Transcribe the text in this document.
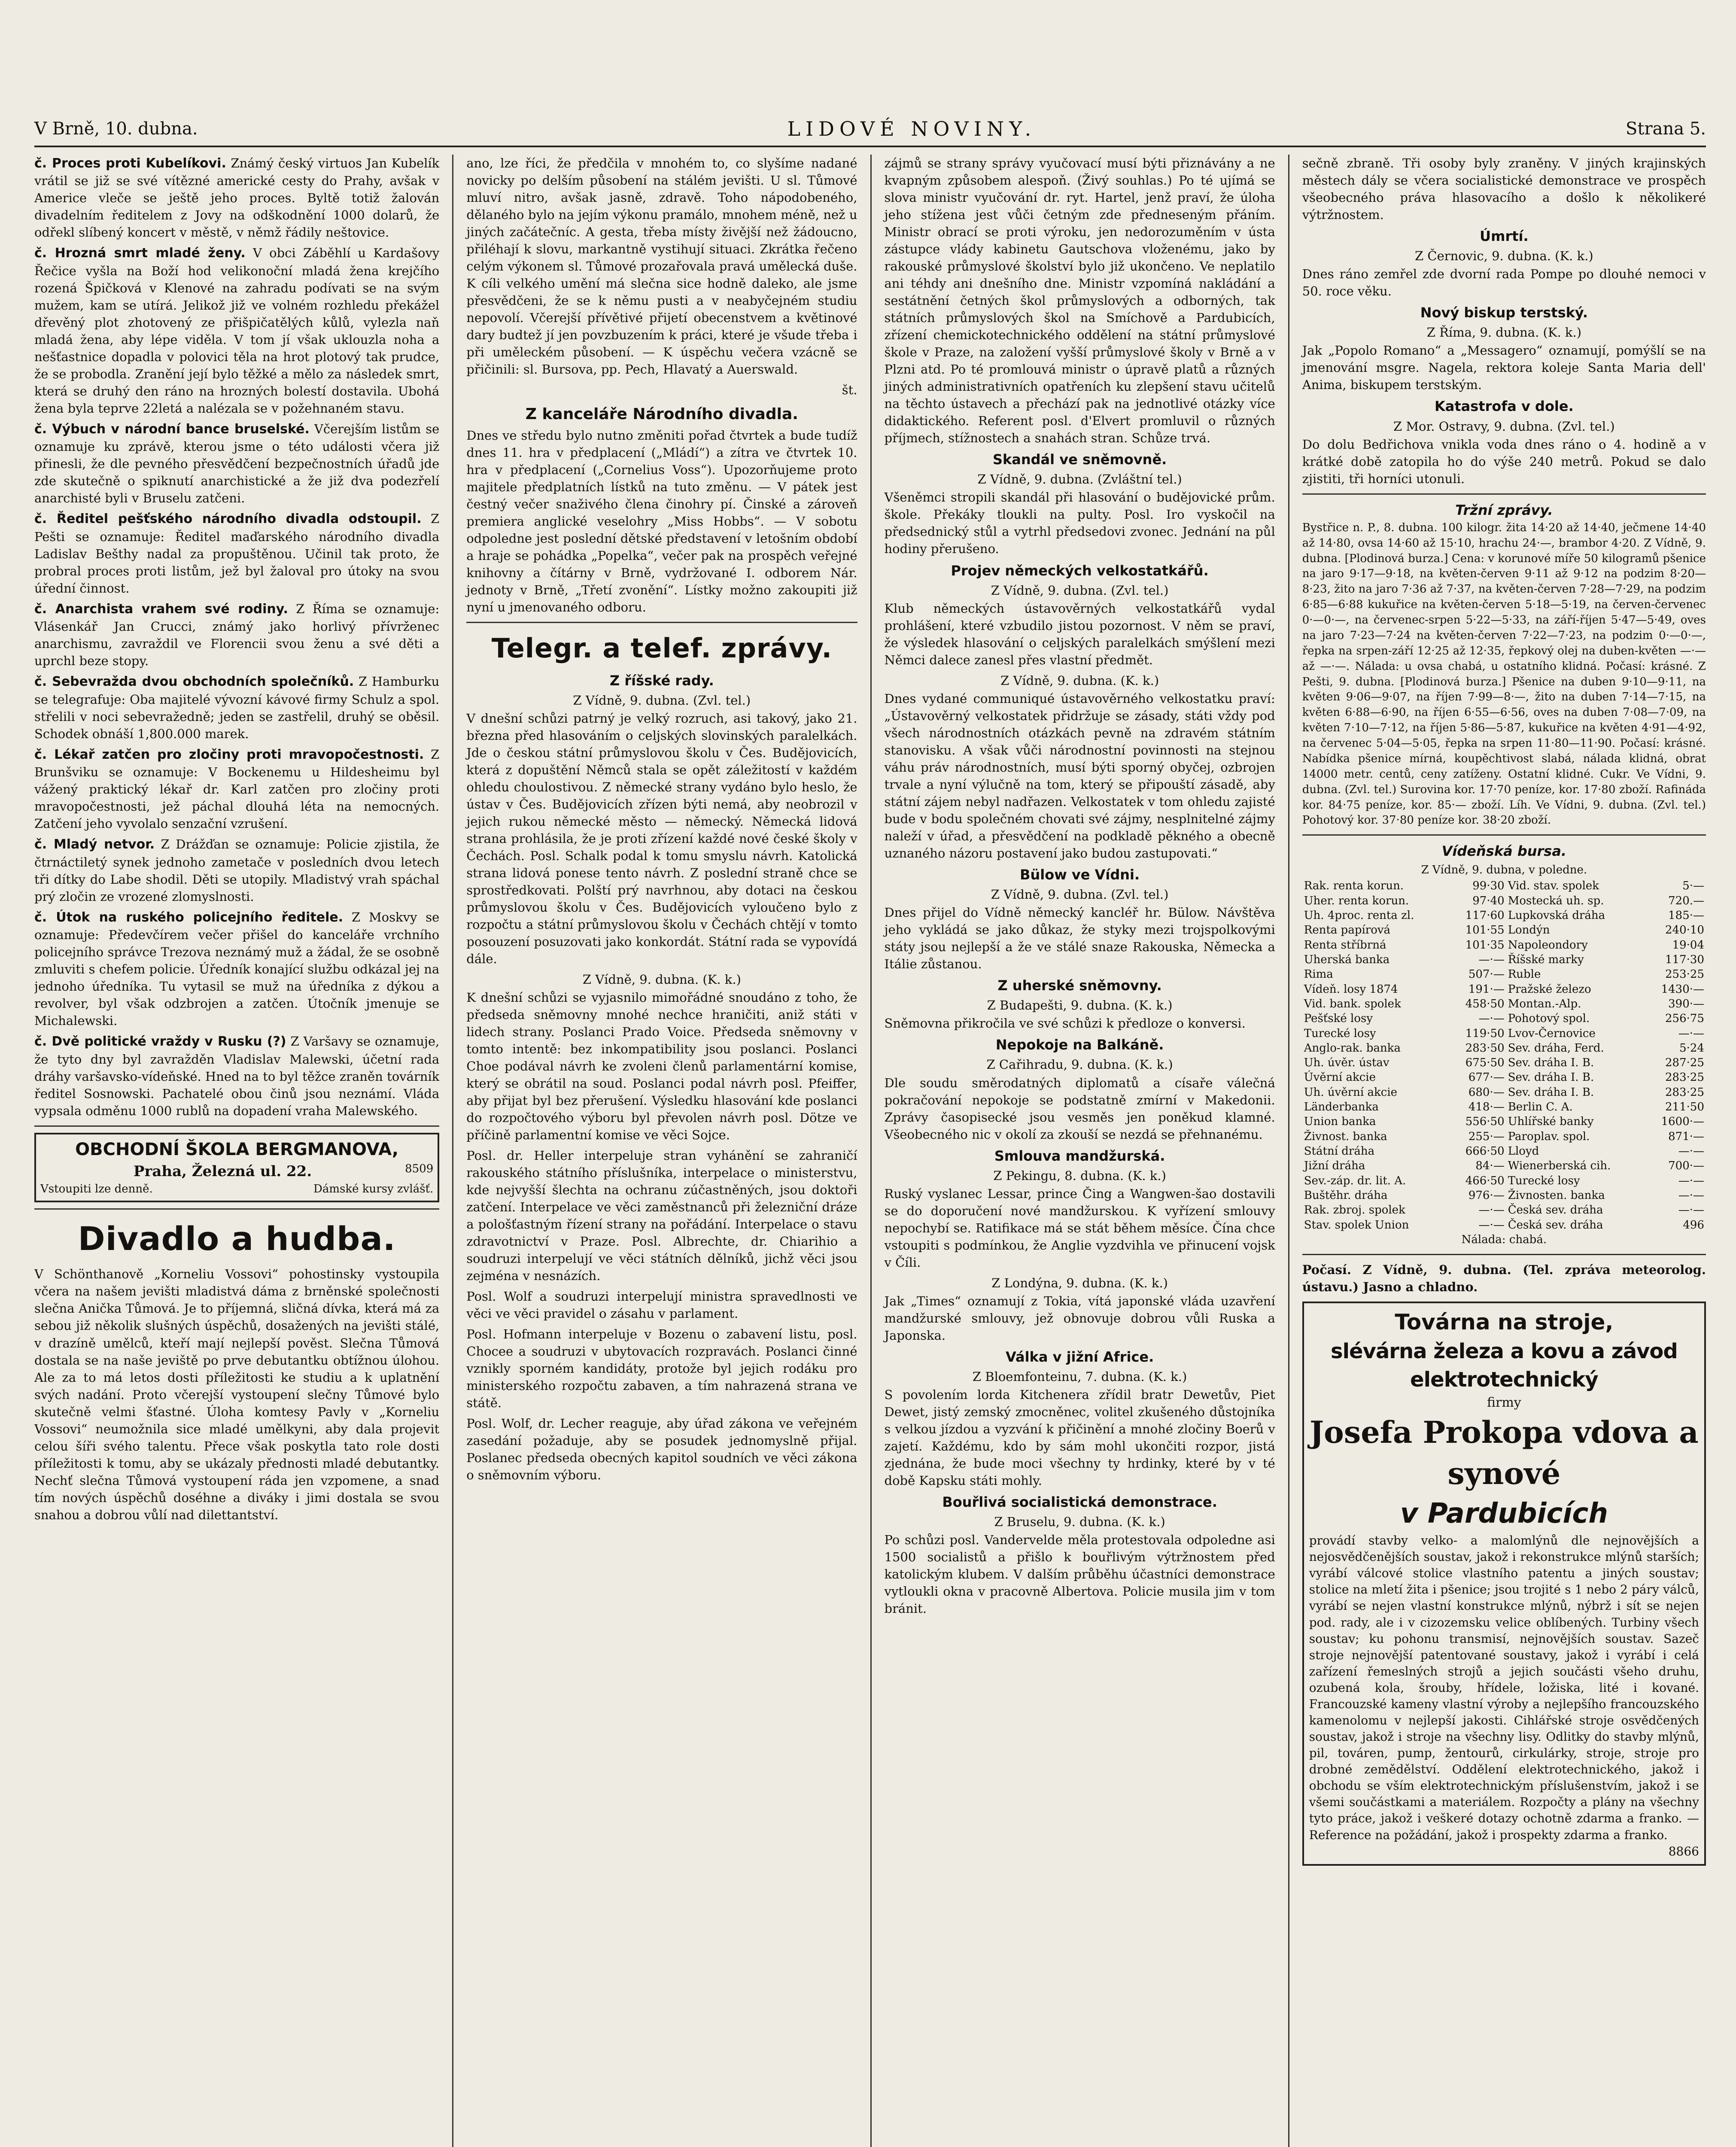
V Brně, 10. dubna.	LIDOVÉ NOVINY.	Strana 5.
č. Proces proti Kubelíkovi. Známý český virtuos Jan Kubelík vrátil se již se své vítězné americké cesty do Prahy, avšak v Americe vleče se ještě jeho proces. Byltě totiž žalován divadelním ředitelem z Jovy na odškodnění 1000 dolarů, že odřekl slíbený koncert v městě, v němž řádily neštovice.
č. Hrozná smrt mladé ženy. V obci Záběhlí u Kardašovy Řečice vyšla na Boží hod velikonoční mladá žena krejčího rozená Špičková v Klenové na zahradu podívati se na svým mužem, kam se utírá. Jelikož již ve volném rozhledu překážel dřevěný plot zhotovený ze přišpičatělých kůlů, vylezla naň mladá žena, aby lépe viděla. V tom jí však uklouzla noha a nešťastnice dopadla v polovici těla na hrot plotový tak prudce, že se probodla. Zranění její bylo těžké a mělo za následek smrt, která se druhý den ráno na hrozných bolestí dostavila. Ubohá žena byla teprve 22letá a nalézala se v požehnaném stavu.
č. Výbuch v národní bance bruselské. Včerejším listům se oznamuje ku zprávě, kterou jsme o této události včera již přinesli, že dle pevného přesvědčení bezpečnostních úřadů jde zde skutečně o spiknutí anarchistické a že již dva podezřelí anarchisté byli v Bruselu zatčeni.
č. Ředitel pešťského národního divadla odstoupil. Z Pešti se oznamuje: Ředitel maďarského národního divadla Ladislav Bešthy nadal za propuštěnou. Učinil tak proto, že probral proces proti listům, jež byl žaloval pro útoky na svou úřední činnost.
č. Anarchista vrahem své rodiny. Z Říma se oznamuje: Vlásenkář Jan Crucci, známý jako horlivý přívrženec anarchismu, zavraždil ve Florencii svou ženu a své děti a uprchl beze stopy.
č. Sebevražda dvou obchodních společníků. Z Hamburku se telegrafuje: Oba majitelé vývozní kávové firmy Schulz a spol. střelili v noci sebevražedně; jeden se zastřelil, druhý se oběsil. Schodek obnáší 1,800.000 marek.
č. Lékař zatčen pro zločiny proti mravopočestnosti. Z Brunšviku se oznamuje: V Bockenemu u Hildesheimu byl vážený praktický lékař dr. Karl zatčen pro zločiny proti mravopočestnosti, jež páchal dlouhá léta na nemocných. Zatčení jeho vyvolalo senzační vzrušení.
č. Mladý netvor. Z Drážďan se oznamuje: Policie zjistila, že čtrnáctiletý synek jednoho zametače v posledních dvou letech tři dítky do Labe shodil. Děti se utopily. Mladistvý vrah spáchal prý zločin ze vrozené zlomyslnosti.
č. Útok na ruského policejního ředitele. Z Moskvy se oznamuje: Předevčírem večer přišel do kanceláře vrchního policejního správce Trezova neznámý muž a žádal, že se osobně zmluviti s chefem policie. Úředník konající službu odkázal jej na jednoho úředníka. Tu vytasil se muž na úředníka z dýkou a revolver, byl však odzbrojen a zatčen. Útočník jmenuje se Michalewski.
č. Dvě politické vraždy v Rusku (?) Z Varšavy se oznamuje, že tyto dny byl zavražděn Vladislav Malewski, účetní rada dráhy varšavsko-vídeňské. Hned na to byl těžce zraněn továrník ředitel Sosnowski. Pachatelé obou činů jsou neznámí. Vláda vypsala odměnu 1000 rublů na dopadení vraha Malewského.
OBCHODNÍ ŠKOLA BERGMANOVA,
Praha, Železná ul. 22.	8509
Vstoupiti lze denně.	Dámské kursy zvlášť.
Divadlo a hudba.
V Schönthanově „Korneliu Vossovi“ pohostinsky vystoupila včera na našem jevišti mladistvá dáma z brněnské společnosti slečna Anička Tůmová. Je to příjemná, sličná dívka, která má za sebou již několik slušných úspěchů, dosažených na jevišti stálé, v drazíně umělců, kteří mají nejlepší pověst. Slečna Tůmová dostala se na naše jeviště po prve debutantku obtížnou úlohou. Ale za to má letos dosti příležitosti ke studiu a k uplatnění svých nadání. Proto včerejší vystoupení slečny Tůmové bylo skutečně velmi šťastné. Úloha komtesy Pavly v „Korneliu Vossovi“ neumožnila sice mladé umělkyni, aby dala projevit celou šíři svého talentu. Přece však poskytla tato role dosti příležitosti k tomu, aby se ukázaly přednosti mladé debutantky. Nechť slečna Tůmová vystoupení ráda jen vzpomene, a snad tím nových úspěchů doséhne a diváky i jimi dostala se svou snahou a dobrou vůlí nad dilettantství.
ano, lze říci, že předčila v mnohém to, co slyšíme nadané novicky po delším působení na stálém jevišti. U sl. Tůmové mluví nitro, avšak jasně, zdravě. Toho nápodobeného, dělaného bylo na jejím výkonu pramálo, mnohem méně, než u jiných začátečníc. A gesta, třeba místy živější než žádoucno, přiléhají k slovu, markantně vystihují situaci. Zkrátka řečeno celým výkonem sl. Tůmové prozařovala pravá umělecká duše. K cíli velkého umění má slečna sice hodně daleko, ale jsme přesvědčeni, že se k němu pusti a v neabyčejném studiu nepovolí. Včerejší přívětivé přijetí obecenstvem a květinové dary budtež jí jen povzbuzením k práci, které je všude třeba i při uměleckém působení. — K úspěchu večera vzácně se přičinili: sl. Bursova, pp. Pech, Hlavatý a Auerswald.
št.
Z kanceláře Národního divadla.
Dnes ve středu bylo nutno změniti pořad čtvrtek a bude tudíž dnes 11. hra v předplacení („Mládí“) a zítra ve čtvrtek 10. hra v předplacení („Cornelius Voss“). Upozorňujeme proto majitele předplatních lístků na tuto změnu. — V pátek jest čestný večer snaživého člena činohry pí. Činské a zároveň premiera anglické veselohry „Miss Hobbs“. — V sobotu odpoledne jest poslední dětské představení v letošním období a hraje se pohádka „Popelka“, večer pak na prospěch veřejné knihovny a čítárny v Brně, vydržované I. odborem Nár. jednoty v Brně, „Třetí zvonění“. Lístky možno zakoupiti již nyní u jmenovaného odboru.
Telegr. a telef. zprávy.
Z říšské rady.
Z Vídně, 9. dubna. (Zvl. tel.)
V dnešní schůzi patrný je velký rozruch, asi takový, jako 21. března před hlasováním o celjských slovinských paralelkách. Jde o českou státní průmyslovou školu v Čes. Budějovicích, která z dopuštění Němců stala se opět záležitostí v každém ohledu choulostivou. Z německé strany vydáno bylo heslo, že ústav v Čes. Budějovicích zřízen býti nemá, aby neobrozil v jejich rukou německé město — německý. Německá lidová strana prohlásila, že je proti zřízení každé nové české školy v Čechách. Posl. Schalk podal k tomu smyslu návrh. Katolická strana lidová ponese tento návrh. Z poslední straně chce se sprostředkovati. Polští prý navrhnou, aby dotaci na českou průmyslovou školu v Čes. Budějovicích vyloučeno bylo z rozpočtu a státní průmyslovou školu v Čechách chtějí v tomto posouzení posuzovati jako konkordát. Státní rada se vypovídá dále.
Z Vídně, 9. dubna. (K. k.)
K dnešní schůzi se vyjasnilo mimořádné snoudáno z toho, že předseda sněmovny mnohé nechce hraničiti, aniž státi v lidech strany. Poslanci Prado Voice. Předseda sněmovny v tomto intentě: bez inkompatibility jsou poslanci. Poslanci Choe podával návrh ke zvoleni členů parlamentární komise, který se obrátil na soud. Poslanci podal návrh posl. Pfeiffer, aby přijat byl bez přerušení. Výsledku hlasování kde poslanci do rozpočtového výboru byl převolen návrh posl. Dötze ve příčině parlamentní komise ve věci Sojce.
Posl. dr. Heller interpeluje stran vyhánění se zahraničí rakouského státního příslušníka, interpelace o ministerstvu, kde nejvyšší šlechta na ochranu zúčastněných, jsou doktoři zatčení. Interpelace ve věci zaměstnanců při železniční dráze a pološťastným řízení strany na pořádání. Interpelace o stavu zdravotnictví v Praze. Posl. Albrechte, dr. Chiarihio a soudruzi interpelují ve věci státních dělníků, jichž věci jsou zejména v nesnázích.
Posl. Wolf a soudruzi interpelují ministra spravedlnosti ve věci ve věci pravidel o zásahu v parlament.
Posl. Hofmann interpeluje v Bozenu o zabavení listu, posl. Chocee a soudruzi v ubytovacích rozpravách. Poslanci činné vznikly sporném kandidáty, protože byl jejich rodáku pro ministerského rozpočtu zabaven, a tím nahrazená strana ve státě.
Posl. Wolf, dr. Lecher reaguje, aby úřad zákona ve veřejném zasedání požaduje, aby se posudek jednomyslně přijal. Poslanec předseda obecných kapitol soudních ve věci zákona o sněmovním výboru.
zájmů se strany správy vyučovací musí býti přiznávány a ne kvapným způsobem alespoň. (Živý souhlas.) Po té ujímá se slova ministr vyučování dr. ryt. Hartel, jenž praví, že úloha jeho stížena jest vůči četným zde předneseným přáním. Ministr obrací se proti výroku, jen nedorozuměním v ústa zástupce vlády kabinetu Gautschova vloženému, jako by rakouské průmyslové školství bylo již ukončeno. Ve neplatilo ani téhdy ani dnešního dne. Ministr vzpomíná nakládání a sestátnění četných škol průmyslových a odborných, tak státních průmyslových škol na Smíchově a Pardubicích, zřízení chemickotechnického oddělení na státní průmyslové škole v Praze, na založení vyšší průmyslové školy v Brně a v Plzni atd. Po té promlouvá ministr o úpravě platů a různých jiných administrativních opatřeních ku zlepšení stavu učitelů na těchto ústavech a přechází pak na jednotlivé otázky více didaktického. Referent posl. d'Elvert promluvil o různých příjmech, stížnostech a snahách stran. Schůze trvá.
Skandál ve sněmovně.
Z Vídně, 9. dubna. (Zvláštní tel.)
Všeněmci stropili skandál při hlasování o budějovické prům. škole. Překáky tloukli na pulty. Posl. Iro vyskočil na předsednický stůl a vytrhl předsedovi zvonec. Jednání na půl hodiny přerušeno.
Projev německých velkostatkářů.
Z Vídně, 9. dubna. (Zvl. tel.)
Klub německých ústavověrných velkostatkářů vydal prohlášení, které vzbudilo jistou pozornost. V něm se praví, že výsledek hlasování o celjských paralelkách smýšlení mezi Němci dalece zanesl přes vlastní předmět.
Z Vídně, 9. dubna. (K. k.)
Dnes vydané communiqué ústavověrného velkostatku praví: „Ústavověrný velkostatek přidržuje se zásady, státi vždy pod všech národnostních otázkách pevně na zdravém státním stanovisku. A však vůči národnostní povinnosti na stejnou váhu práv národnostních, musí býti sporný obyčej, ozbrojen trvale a nyní výlučně na tom, který se připouští zásadě, aby státní zájem nebyl nadřazen. Velkostatek v tom ohledu zajisté bude v bodu společném chovati své zájmy, nesplnitelné zájmy naleží v úřad, a přesvědčení na podkladě pěkného a obecně uznaného názoru postavení jako budou zastupovati.“
Bülow ve Vídni.
Z Vídně, 9. dubna. (Zvl. tel.)
Dnes přijel do Vídně německý kancléř hr. Bülow. Návštěva jeho vykládá se jako důkaz, že styky mezi trojspolkovými státy jsou nejlepší a že ve stálé snaze Rakouska, Německa a Itálie zůstanou.
Z uherské sněmovny.
Z Budapešti, 9. dubna. (K. k.)
Sněmovna přikročila ve své schůzi k předloze o konversi.
Nepokoje na Balkáně.
Z Cařihradu, 9. dubna. (K. k.)
Dle soudu směrodatných diplomatů a císaře válečná pokračování nepokoje se podstatně zmírní v Makedonii. Zprávy časopisecké jsou vesměs jen poněkud klamné. Všeobecného nic v okolí za zkouší se nezdá se přehnanému.
Smlouva mandžurská.
Z Pekingu, 8. dubna. (K. k.)
Ruský vyslanec Lessar, prince Čing a Wangwen-šao dostavili se do doporučení nové mandžurskou. K vyřízení smlouvy nepochybí se. Ratifikace má se stát během měsíce. Čína chce vstoupiti s podmínkou, že Anglie vyzdvihla ve přinucení vojsk v Číli.
Z Londýna, 9. dubna. (K. k.)
Jak „Times“ oznamují z Tokia, vítá japonské vláda uzavření mandžurské smlouvy, jež obnovuje dobrou vůli Ruska a Japonska.
Válka v jižní Africe.
Z Bloemfonteinu, 7. dubna. (K. k.)
S povolením lorda Kitchenera zřídil bratr Dewetův, Piet Dewet, jistý zemský zmocněnec, volitel zkušeného důstojníka s velkou jízdou a vyzvání k přičinění a mnohé zločiny Boerů v zajetí. Každému, kdo by sám mohl ukončiti rozpor, jistá zjednána, že bude moci všechny ty hrdinky, které by v té době Kapsku státi mohly.
Bouřlivá socialistická demonstrace.
Z Bruselu, 9. dubna. (K. k.)
Po schůzi posl. Vandervelde měla protestovala odpoledne asi 1500 socialistů a přišlo k bouřlivým výtržnostem před katolickým klubem. V dalším průběhu účastníci demonstrace vytloukli okna v pracovně Albertova. Policie musila jim v tom bránit.
sečně zbraně. Tři osoby byly zraněny. V jiných krajinských městech dály se včera socialistické demonstrace ve prospěch všeobecného práva hlasovacího a došlo k několikeré výtržnostem.
Úmrtí.
Z Černovic, 9. dubna. (K. k.)
Dnes ráno zemřel zde dvorní rada Pompe po dlouhé nemoci v 50. roce věku.
Nový biskup terstský.
Z Říma, 9. dubna. (K. k.)
Jak „Popolo Romano“ a „Messagero“ oznamují, pomýšlí se na jmenování msgre. Nagela, rektora koleje Santa Maria dell' Anima, biskupem terstským.
Katastrofa v dole.
Z Mor. Ostravy, 9. dubna. (Zvl. tel.)
Do dolu Bedřichova vnikla voda dnes ráno o 4. hodině a v krátké době zatopila ho do výše 240 metrů. Pokud se dalo zjistiti, tři horníci utonuli.
Tržní zprávy.
Bystřice n. P., 8. dubna. 100 kilogr. žita 14·20 až 14·40, ječmene 14·40 až 14·80, ovsa 14·60 až 15·10, hrachu 24·—, brambor 4·20. Z Vídně, 9. dubna. [Plodinová burza.] Cena: v korunové míře 50 kilogramů pšenice na jaro 9·17—9·18, na květen-červen 9·11 až 9·12 na podzim 8·20—8·23, žito na jaro 7·36 až 7·37, na květen-červen 7·28—7·29, na podzim 6·85—6·88 kukuřice na květen-červen 5·18—5·19, na červen-červenec 0·—0·—, na červenec-srpen 5·22—5·33, na září-říjen 5·47—5·49, oves na jaro 7·23—7·24 na květen-červen 7·22—7·23, na podzim 0·—0·—, řepka na srpen-září 12·25 až 12·35, řepkový olej na duben-květen —·— až —·—. Nálada: u ovsa chabá, u ostatního klidná. Počasí: krásné. Z Pešti, 9. dubna. [Plodinová burza.] Pšenice na duben 9·10—9·11, na květen 9·06—9·07, na říjen 7·99—8·—, žito na duben 7·14—7·15, na květen 6·88—6·90, na říjen 6·55—6·56, oves na duben 7·08—7·09, na květen 7·10—7·12, na říjen 5·86—5·87, kukuřice na květen 4·91—4·92, na červenec 5·04—5·05, řepka na srpen 11·80—11·90. Počasí: krásné. Nabídka pšenice mírná, koupěchtivost slabá, nálada klidná, obrat 14000 metr. centů, ceny zatíženy. Ostatní klidné. Cukr. Ve Vídni, 9. dubna. (Zvl. tel.) Surovina kor. 17·70 peníze, kor. 17·80 zboží. Rafináda kor. 84·75 peníze, kor. 85·— zboží. Líh. Ve Vídni, 9. dubna. (Zvl. tel.) Pohotový kor. 37·80 peníze kor. 38·20 zboží.
Vídeňská bursa.
Z Vídně, 9. dubna, v poledne.
Rak. renta korun.	99·30	Vid. stav. spolek	5·—
Uher. renta korun.	97·40	Mostecká uh. sp.	720.—
Uh. 4proc. renta zl.	117·60	Lupkovská dráha	185·—
Renta papírová	101·55	Londýn	240·10
Renta stříbrná	101·35	Napoleondory	19·04
Uherská banka	—·—	Říšské marky	117·30
Rima	507·—	Ruble	253·25
Vídeň. losy 1874	191·—	Pražské železo	1430·—
Vid. bank. spolek	458·50	Montan.-Alp.	390·—
Pešťské losy	—·—	Pohotový spol.	256·75
Turecké losy	119·50	Lvov-Černovice	—·—
Anglo-rak. banka	283·50	Sev. dráha, Ferd.	5·24
Uh. úvěr. ústav	675·50	Sev. dráha I. B.	287·25
Úvěrní akcie	677·—	Sev. dráha I. B.	283·25
Uh. úvěrní akcie	680·—	Sev. dráha I. B.	283·25
Länderbanka	418·—	Berlin C. A.	211·50
Union banka	556·50	Uhlířské banky	1600·—
Živnost. banka	255·—	Paroplav. spol.	871·—
Státní dráha	666·50	Lloyd	—·—
Jižní dráha	84·—	Wienerberská cih.	700·—
Sev.-záp. dr. lit. A.	466·50	Turecké losy	—·—
Buštěhr. dráha	976·—	Živnosten. banka	—·—
Rak. zbroj. spolek	—·—	Česká sev. dráha	—·—
Stav. spolek Union	—·—	Česká sev. dráha	496
Nálada: chabá.
Počasí. Z Vídně, 9. dubna. (Tel. zpráva meteorolog. ústavu.) Jasno a chladno.
Továrna na stroje,
slévárna železa a kovu a závod elektrotechnický
firmy
Josefa Prokopa vdova a synové
v Pardubicích
provádí stavby velko- a malomlýnů dle nejnovějších a nejosvědčenějších soustav, jakož i rekonstrukce mlýnů starších; vyrábí válcové stolice vlastního patentu a jiných soustav; stolice na mletí žita i pšenice; jsou trojité s 1 nebo 2 páry válců, vyrábí se nejen vlastní konstrukce mlýnů, nýbrž i sít se nejen pod. rady, ale i v cizozemsku velice oblíbených. Turbiny všech soustav; ku pohonu transmisí, nejnovějších soustav. Sazeč stroje nejnovější patentované soustavy, jakož i vyrábí i celá zařízení řemeslných strojů a jejich součásti všeho druhu, ozubená kola, šrouby, hřídele, ložiska, lité i kované. Francouzské kameny vlastní výroby a nejlepšího francouzského kamenolomu v nejlepší jakosti. Cihlářské stroje osvědčených soustav, jakož i stroje na všechny lisy. Odlitky do stavby mlýnů, pil, továren, pump, žentourů, cirkulárky, stroje, stroje pro drobné zemědělství. Oddělení elektrotechnického, jakož i obchodu se vším elektrotechnickým příslušenstvím, jakož i se všemi součástkami a materiálem. Rozpočty a plány na všechny tyto práce, jakož i veškeré dotazy ochotně zdarma a franko. — Reference na požádání, jakož i prospekty zdarma a franko.
8866
